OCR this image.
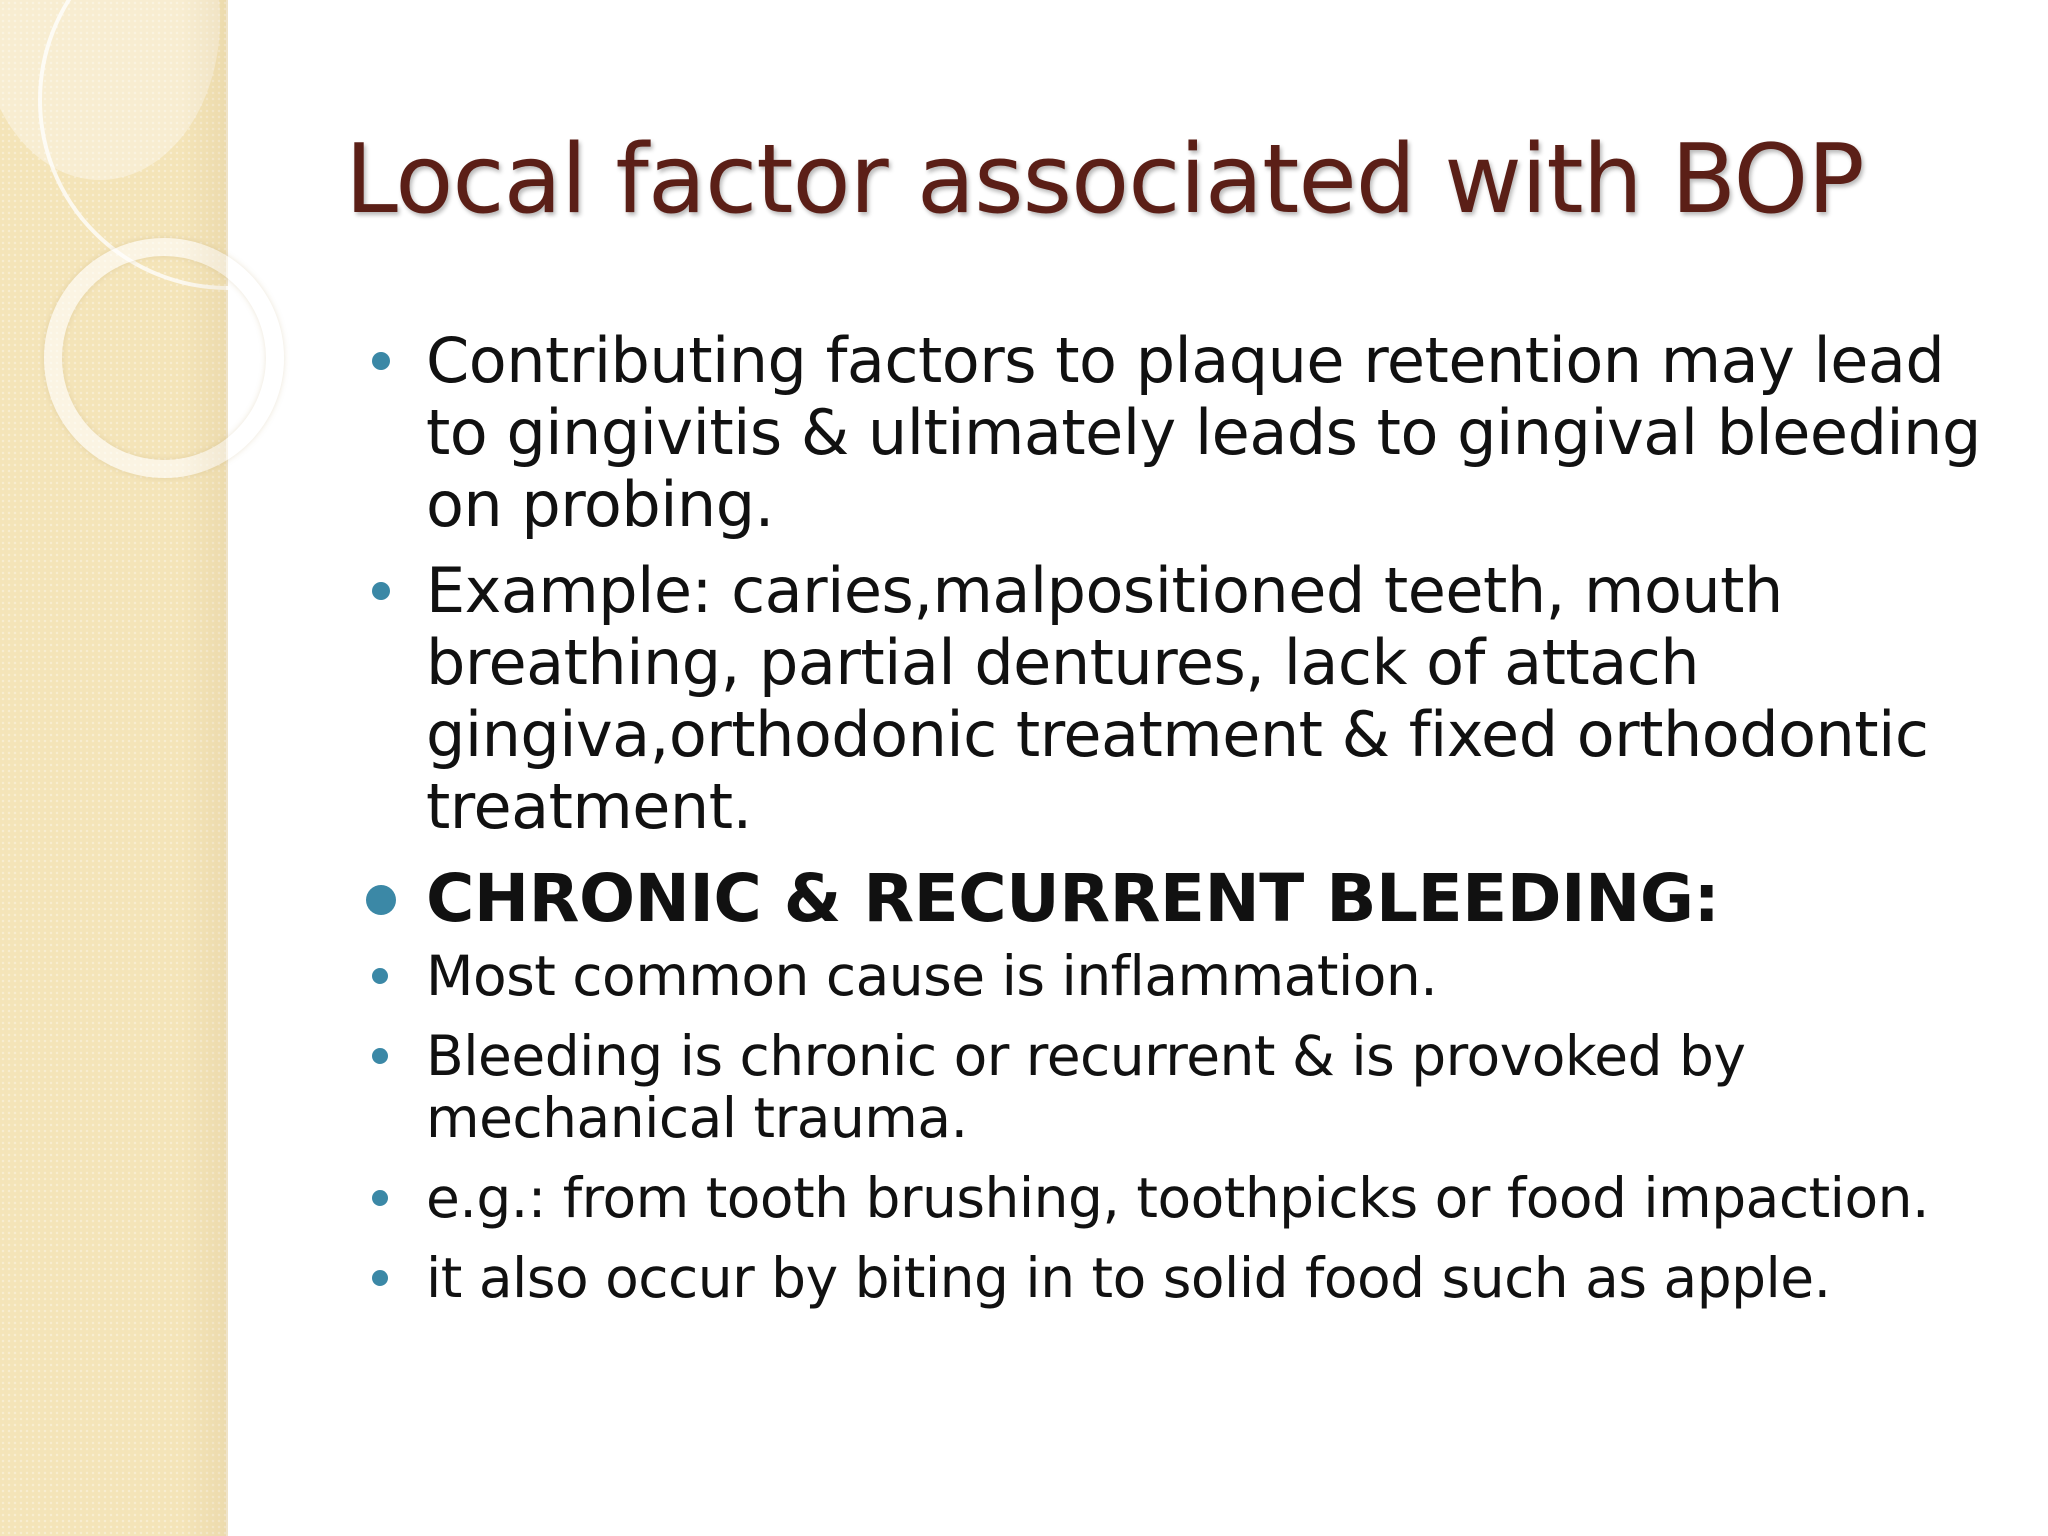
Local factor associated with BOP
Contributing factors to plaque retention may lead to gingivitis & ultimately leads to gingival bleeding on probing.
Example: caries,malpositioned teeth, mouth breathing, partial dentures, lack of attach gingiva,orthodonic treatment & fixed orthodontic treatment.
CHRONIC & RECURRENT BLEEDING:
Most common cause is inflammation.
Bleeding is chronic or recurrent & is provoked by mechanical trauma.
e.g.: from tooth brushing, toothpicks or food impaction.
it also occur by biting in to solid food such as apple.
